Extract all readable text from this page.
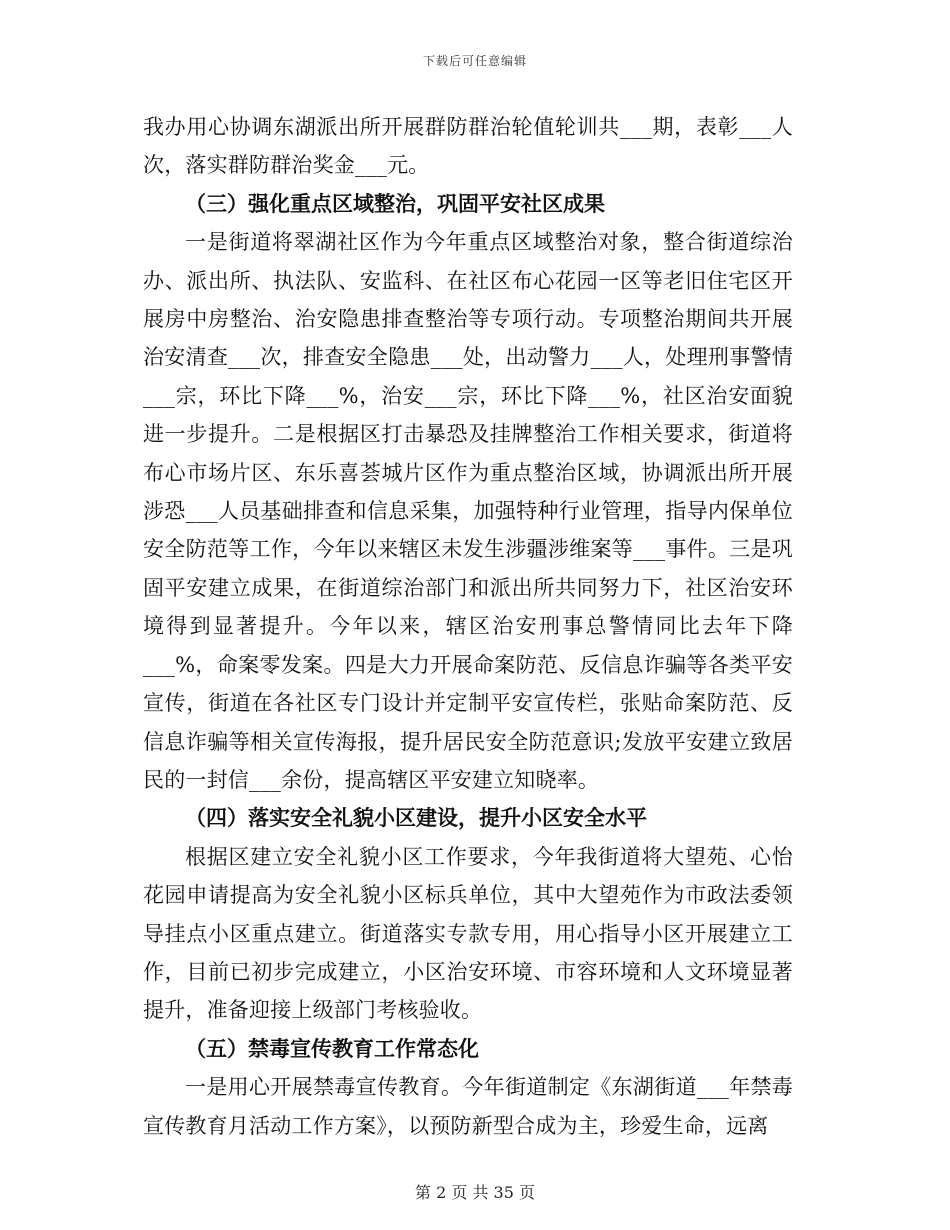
下载后可任意编辑

我办用心协调东湖派出所开展群防群治轮值轮训共___期，表彰___人次，落实群防群治奖金___元。

（三）强化重点区域整治，巩固平安社区成果

一是街道将翠湖社区作为今年重点区域整治对象，整合街道综治办、派出所、执法队、安监科、在社区布心花园一区等老旧住宅区开展房中房整治、治安隐患排查整治等专项行动。专项整治期间共开展治安清查___次，排查安全隐患___处，出动警力___人，处理刑事警情___宗，环比下降___%，治安___宗，环比下降___%，社区治安面貌进一步提升。二是根据区打击暴恐及挂牌整治工作相关要求，街道将布心市场片区、东乐喜荟城片区作为重点整治区域，协调派出所开展涉恐___人员基础排查和信息采集，加强特种行业管理，指导内保单位安全防范等工作，今年以来辖区未发生涉疆涉维案等___事件。三是巩固平安建立成果，在街道综治部门和派出所共同努力下，社区治安环境得到显著提升。今年以来，辖区治安刑事总警情同比去年下降___%，命案零发案。四是大力开展命案防范、反信息诈骗等各类平安宣传，街道在各社区专门设计并定制平安宣传栏，张贴命案防范、反信息诈骗等相关宣传海报，提升居民安全防范意识;发放平安建立致居民的一封信___余份，提高辖区平安建立知晓率。

（四）落实安全礼貌小区建设，提升小区安全水平

根据区建立安全礼貌小区工作要求，今年我街道将大望苑、心怡花园申请提高为安全礼貌小区标兵单位，其中大望苑作为市政法委领导挂点小区重点建立。街道落实专款专用，用心指导小区开展建立工作，目前已初步完成建立，小区治安环境、市容环境和人文环境显著提升，准备迎接上级部门考核验收。

（五）禁毒宣传教育工作常态化

一是用心开展禁毒宣传教育。今年街道制定《东湖街道___年禁毒宣传教育月活动工作方案》，以预防新型合成为主，珍爱生命，远离

第 2 页 共 35 页
